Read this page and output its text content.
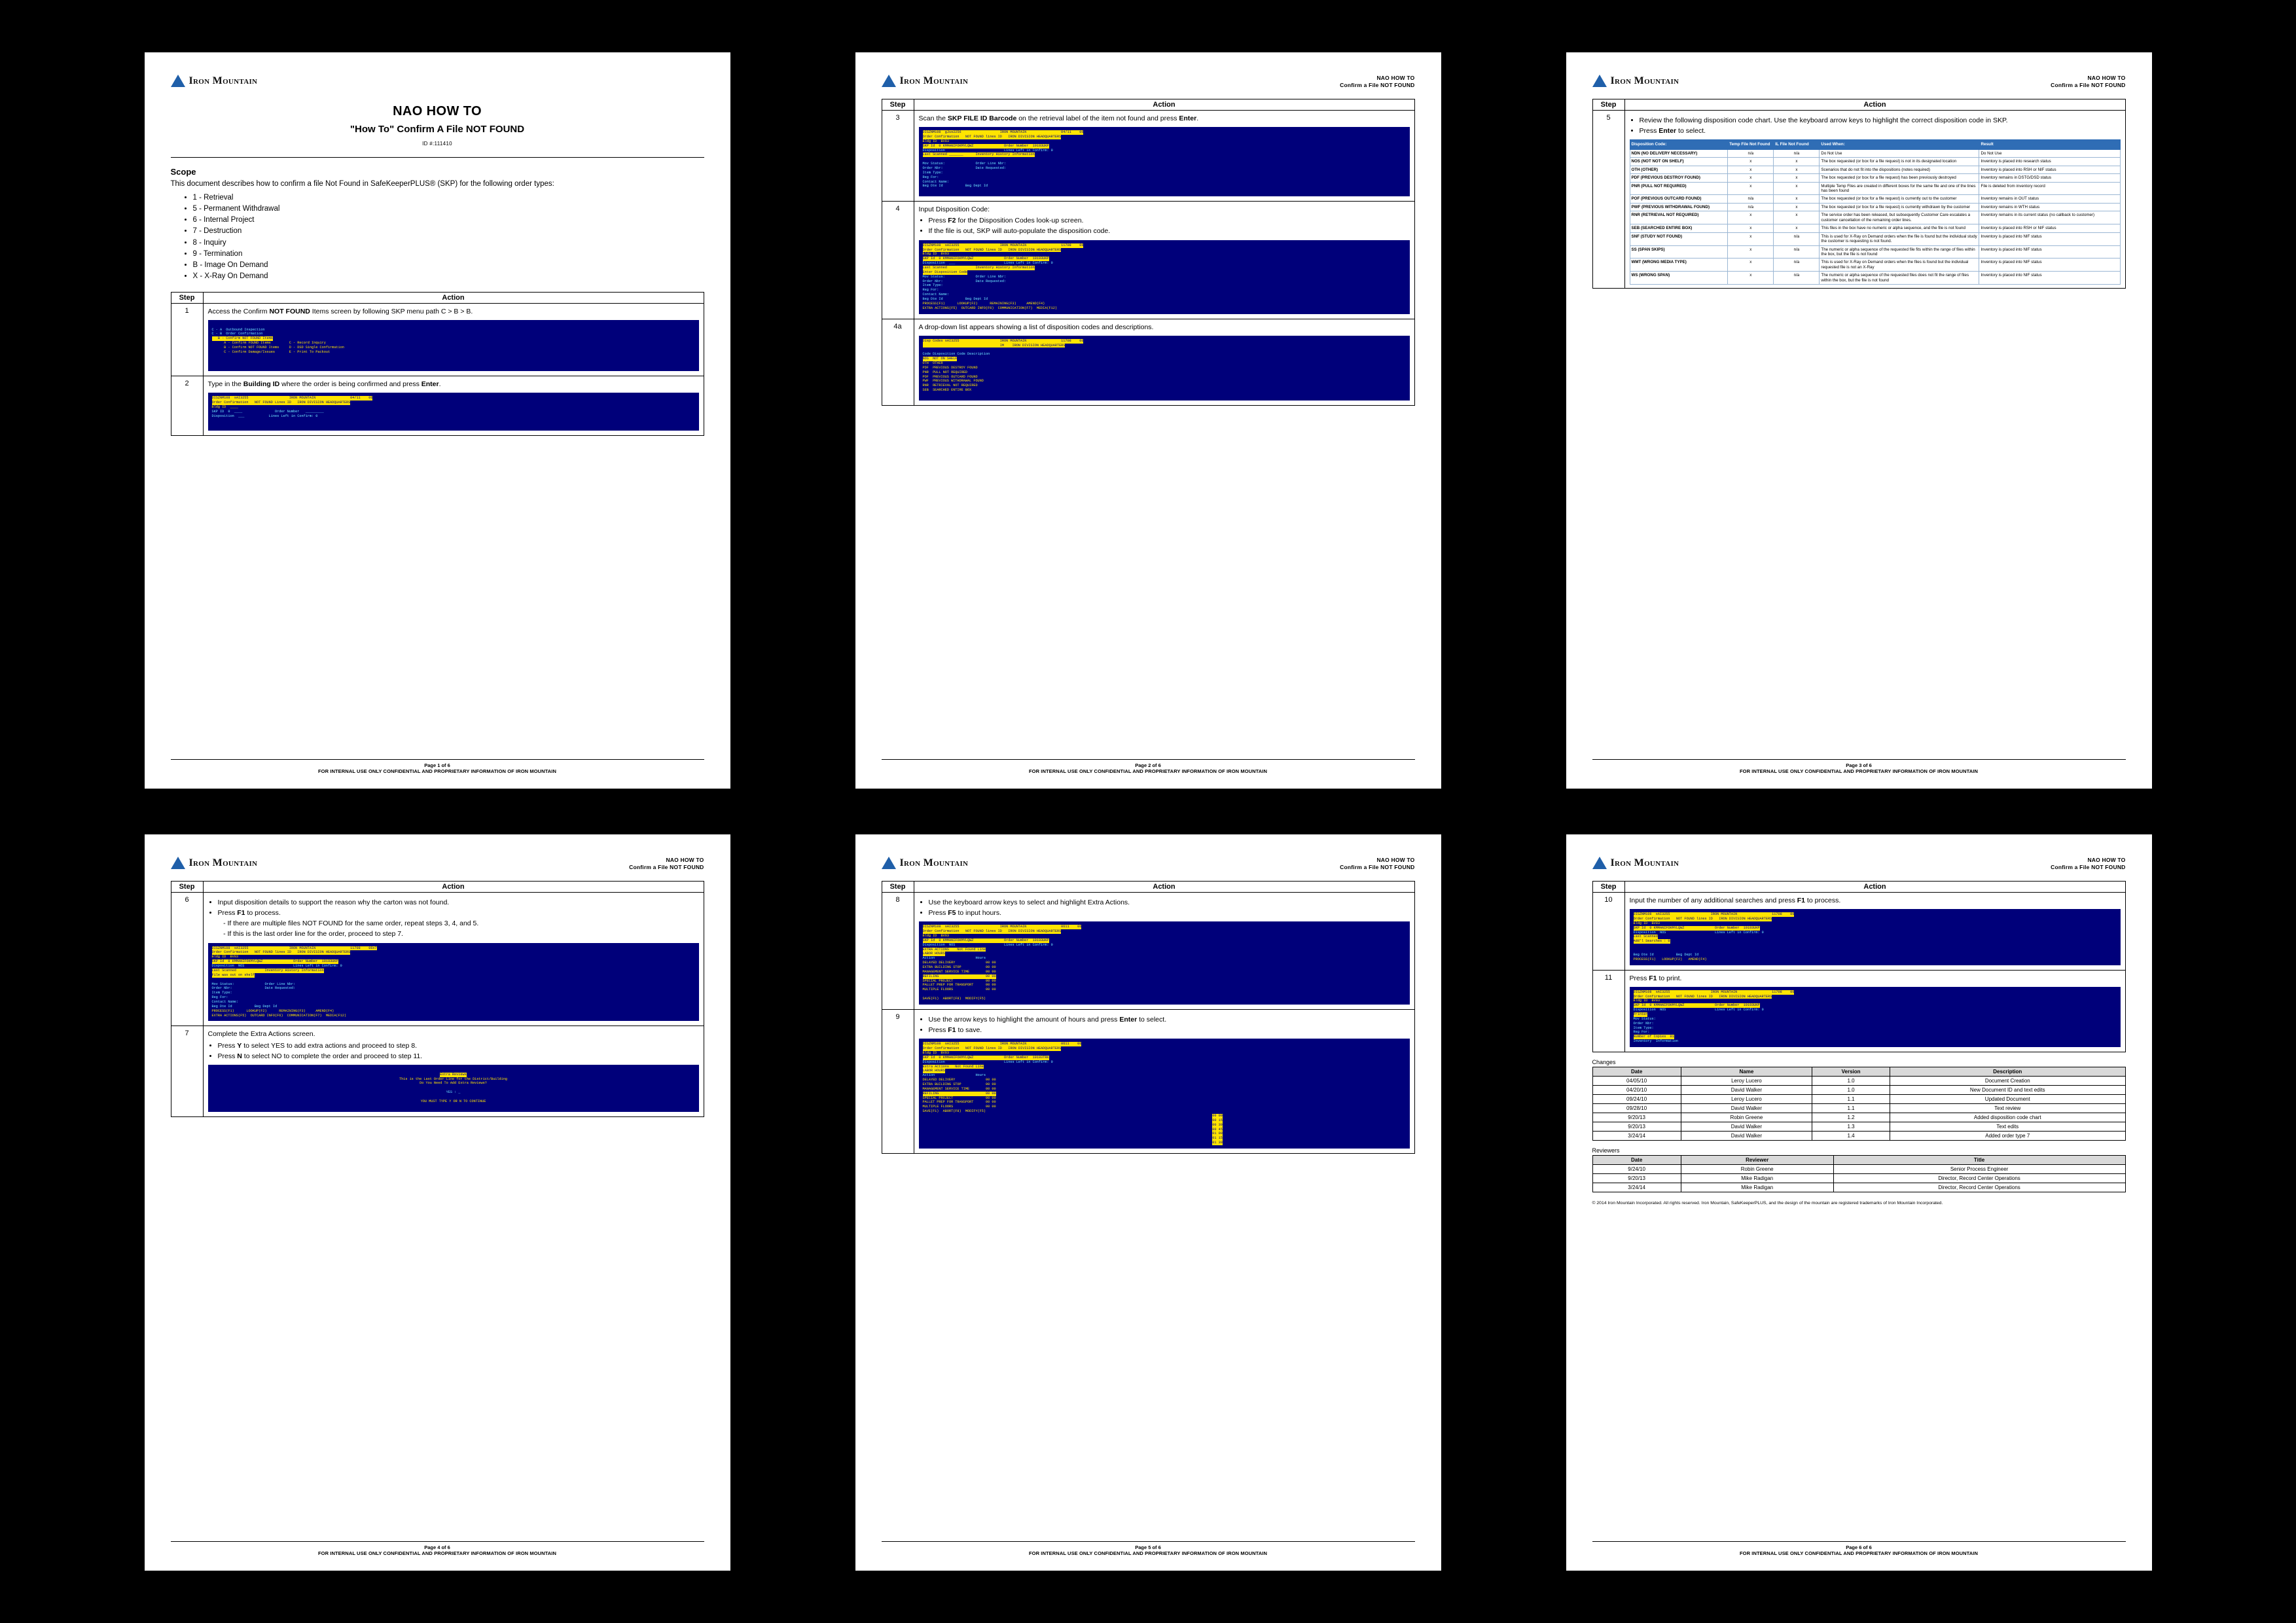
Iron Mountain
NAO HOW TO
"How To" Confirm A File NOT FOUND
ID #:111410
Scope
This document describes how to confirm a file Not Found in SafeKeeperPLUS® (SKP) for the following order types:
• 1 - Retrieval
• 5 - Permanent Withdrawal
• 6 - Internal Project
• 7 - Destruction
• 8 - Inquiry
• 9 - Termination
• B - Image On Demand
• X - X-Ray On Demand
Step	Action
1	Access the Confirm NOT FOUND Items screen by following SKP menu path C > B > B.

C - A  Outbound Inspection
C - B  Order Confirmation
B - Confirm NOT FOUND Items
A - Confirm FOUND Items         C - Record Inquiry
B - Confirm NOT FOUND Items     D - DSD Single Confirmation
C - Confirm Damage/Issues       E - Print To Packout

2	Type in the Building ID where the order is being confirmed and press Enter.
DISZNM108  sAI3255                    IRON MOUNTAIN                 04/11    06
Order Confirmation   NOT FOUND Lines ID   IRON DIVISION HEADQUARTERS
Bldg ID  ____
SKP ID  0  ____                Order Number   _________
Disposition  ___            Lines Left in Confirm: 0

Page 1 of 6
FOR INTERNAL USE ONLY CONFIDENTIAL AND PROPRIETARY INFORMATION OF IRON MOUNTAIN
Iron Mountain	NAO HOW TO
Confirm a File NOT FOUND
Step	Action
3	Scan the SKP FILE ID Barcode on the retrieval label of the item not found and press Enter.
DISZNM108  gJus2256                   IRON MOUNTAIN                 04/11    06
Order Confirmation   NOT FOUND lines ID   IRON DIVISION HEADQUARTERS
Bldg ID  BV03
SKP Id  0 KMMANIFOKMYLQWZ               Order Number  19193UKP
Disposition                             Lines Left in Confirm: 0
Last Scanned _______      Inventory History Information

Mov Status:               Order Line Nbr:
Order Nbr:                Date Requested:
Item Type:
Reg For:
Contact Name:
Beg Dte Id           Beg Dept Id

4	Input Disposition Code:
• Press F2 for the Disposition Codes look-up screen.
• If the file is out, SKP will auto-populate the disposition code.
DISZNM108  sAI3255                    IRON MOUNTAIN                 11708    06
Order Confirmation   NOT FOUND lines ID   IRON DIVISION HEADQUARTERS
Bldg ID  BV03
SKP Id  0 KMMANIFOKMYLQWZ               Order Number  19193UKP
Disposition  ___                        Lines Left in Confirm: 0
Last Scanned              Inventory History Information
Enter Disposition Code
Mov Status:               Order Line Nbr:
Order Nbr:                Date Requested:
Item Type:
Reg For:
Contact Name:
Beg Dte Id           Beg Dept Id
PROCESS(F1)      LOOKUP(F2)      REMAINING(F3)     AMEND(F4)
EXTRA ACTIONS(F5)  OUTCARD INFO(F6)  COMMUNICATION(F7)  MEDIA(F12)

4a	A drop-down list appears showing a list of disposition codes and descriptions.
Disp Codes sAI3255                    IRON MOUNTAIN                 11708    06
IM    IRON DIVISION HEADQUARTERS

Code Disposition Code Description
NOS  NOT ON SHELF
OTH  OTHER
PDF  PREVIOUS DESTROY FOUND
PNR  PULL NOT REQUIRED
POF  PREVIOUS OUTCARD FOUND
PWF  PREVIOUS WITHDRAWAL FOUND
RNR  RETRIEVAL NOT REQUIRED
SEB  SEARCHED ENTIRE BOX

Page 2 of 6
FOR INTERNAL USE ONLY CONFIDENTIAL AND PROPRIETARY INFORMATION OF IRON MOUNTAIN
Iron Mountain	NAO HOW TO
Confirm a File NOT FOUND
Step	Action
5	
•Review the following disposition code chart. Use the keyboard arrow keys to highlight the correct disposition code in SKP.
• Press Enter to select.
Disposition Code:	Temp File Not Found	IL File Not Found	Used When:	Result
NDN (NO DELIVERY NECESSARY)	n/a	n/a	Do Not Use	Do Not Use
NOS (NOT NOT ON SHELF)	x	x	The box requested (or box for a file request) is not in its designated location	Inventory is placed into research status
OTH (OTHER)	x	x	Scenarios that do not fit into the dispositions (notes required)	Inventory is placed into RSH or NIF status
PDF (PREVIOUS DESTROY FOUND)	x	x	The box requested (or box for a file request) has been previously destroyed	Inventory remains in DSTG/DSD status
PNR (PULL NOT REQUIRED)	x	x	Multiple Temp Files are created in different boxes for the same file and one of the lines has been found	File is deleted from inventory record
POF (PREVIOUS OUTCARD FOUND)	n/a	x	The box requested (or box for a file request) is currently out to the customer	Inventory remains in OUT status
PWF (PREVIOUS WITHDRAWAL FOUND)	n/a	x	The box requested (or box for a file request) is currently withdrawn by the customer	Inventory remains in WTH status
RNR (RETRIEVAL NOT REQUIRED)	x	x	The service order has been released, but subsequently Customer Care escalates a customer cancellation of the remaining order lines.	Inventory remains in its current status (no callback to customer)
SEB (SEARCHED ENTIRE BOX)	x	x	This files in the box have no numeric or alpha sequence, and the file is not found	Inventory is placed into RSH or NIF status
SNF (STUDY NOT FOUND)	x	n/a	This is used for X-Ray on Demand orders when the file is found but the individual study the customer is requesting is not found.	Inventory is placed into NIF status
SS (SPAN SKIPS)	x	n/a	The numeric or alpha sequence of the requested file fits within the range of files within the box, but the file is not found	Inventory is placed into NIF status
WMT (WRONG MEDIA TYPE)	x	n/a	This is used for X-Ray on Demand orders when the files is found but the individual requested file is not an X-Ray	Inventory is placed into NIF status
WS (WRONG SPAN)	x	n/a	The numeric or alpha sequence of the requested files does not fit the range of files within the box, but the file is not found	Inventory is placed into NIF status
Page 3 of 6
FOR INTERNAL USE ONLY CONFIDENTIAL AND PROPRIETARY INFORMATION OF IRON MOUNTAIN
Iron Mountain	NAO HOW TO
Confirm a File NOT FOUND
Step	Action
6	
•Input disposition details to support the reason why the carton was not found.
• Press F1 to process.
- If there are multiple files NOT FOUND for the same order, repeat steps 3, 4, and 5.
- If this is the last order line for the order, proceed to step 7.
DISZNM108  sAI3255                    IRON MOUNTAIN                 11708    06x7
Order Confirmation   NOT FOUND lines ID   IRON DIVISION HEADQUARTERS
Bldg ID  BV03
SKP Id  0 KMMANIFOKMYLQWZ               Order Number  19193UKP
Disposition  NOS                        Lines Left in Confirm: 0
Last Scanned              Inventory History Information
File was out on shelf

Mov Status:               Order Line Nbr:
Order Nbr:                Date Requested:
Item Type:
Reg For:
Contact Name:
Beg Dte Id           Beg Dept Id
PROCESS(F1)      LOOKUP(F2)      REMAINING(F3)     AMEND(F4)
EXTRA ACTIONS(F5)  OUTCARD INFO(F6)  COMMUNICATION(F7)  MEDIA(F12)

7	Complete the Extra Actions screen.
• Press Y to select YES to add extra actions and proceed to step 8.
• Press N to select NO to complete the order and proceed to step 11.

Extra Reviews
This is the Last Order Line for the District/Building
Do You Need To Add Extra Reviews?

YES : _

YOU MUST TYPE Y OR N TO CONTINUE

Page 4 of 6
FOR INTERNAL USE ONLY CONFIDENTIAL AND PROPRIETARY INFORMATION OF IRON MOUNTAIN
Iron Mountain	NAO HOW TO
Confirm a File NOT FOUND
Step	Action
8	
•Use the keyboard arrow keys to select and highlight Extra Actions.
• Press F5 to input hours.
DISZNM108  sAI3255                    IRON MOUNTAIN                 0611    06
Order Confirmation   NOT FOUND lines ID   IRON DIVISION HEADQUARTERS
Bldg ID  BV03
SKP Id  0 KMMANIFOKMYLQWZ               Order Number  19193UKP
Disposition  NOS                        Lines Left in Confirm: 0
EXTRA ACTIONS    Not Found Line
LABOR HOURS
Action                    Hours
DELAYED DELIVERY               00 00
EXTRA BUILDING STOP            00 00
MANAGEMENT SERVICE TIME        00 00
REFILING                       00 00
SPECIAL PROJECT                00 00
PALLET PREP FOR TRANSPORT      00 00
MULTIPLE FLOORS                00 00

SAVE(F1)  ABORT(F8)  MODIFY(F5)

9	
•Use the arrow keys to highlight the amount of hours and press Enter to select.
• Press F1 to save.
DISZNM108  sAI3255                    IRON MOUNTAIN                 0611    06
Order Confirmation   NOT FOUND lines ID   IRON DIVISION HEADQUARTERS
Bldg ID  BV03
SKP Id  0 KMMANIFOKMYLQWZ               Order Number  19193TRK
Disposition                             Lines Left in Confirm: 0
Extra Actions   Not Found Line
LABOR HOURS
Action                    Hours
DELAYED DELIVERY               00 00
EXTRA BUILDING STOP            00 00
MANAGEMENT SERVICE TIME        00 00
REFILING                       00 00
SPECIAL PROJECT                00 00
PALLET PREP FOR TRANSPORT      00 00
MULTIPLE FLOORS                00 00
SAVE(F1)  ABORT(F8)  MODIFY(F5)
00 00
00 15
00 30
00 45
01 00
01 15
01 30
Page 5 of 6
FOR INTERNAL USE ONLY CONFIDENTIAL AND PROPRIETARY INFORMATION OF IRON MOUNTAIN
Iron Mountain	NAO HOW TO
Confirm a File NOT FOUND
Step	Action
10	Input the number of any additional searches and press F1 to process.
DISZNM108  sAI3255                    IRON MOUNTAIN                 11708    06
Order Confirmation   NOT FOUND lines ID   IRON DIVISION HEADQUARTERS
Bldg ID  BV03
SKP Id  0 KMMANIFOKMYLQWZ               Order Number  19193UKP
Disposition  NOS                        Lines Left in Confirm: 0
Last Scanned
Add'l Searches : 0

Beg Dte Id           Beg Dept Id
PROCESS(F1)   LOOKUP(F2)   AMEND(F4)

11	Press F1 to print.
DISZNM108  sAI3255                    IRON MOUNTAIN                 11708    06
Order Confirmation   NOT FOUND lines ID   IRON DIVISION HEADQUARTERS
Bldg ID  BV03
SKP Id  0 KMMANIFOKMYLQWZ               Order Number  19193UKP
Disposition  NOS                        Lines Left in Confirm: 0
Printer
Mov Status:
Order Nbr:
Item Type:
Reg For:
Number of Copies  01
Inventory  Information
Changes
Date	Name	Version	Description
04/05/10	Leroy Lucero	1.0	Document Creation
04/20/10	David Walker	1.0	New Document ID and text edits
09/24/10	Leroy Lucero	1.1	Updated Document
09/28/10	David Walker	1.1	Text review
9/20/13	Robin Greene	1.2	Added disposition code chart
9/20/13	David Walker	1.3	Text edits
3/24/14	David Walker	1.4	Added order type 7
Reviewers
Date	Reviewer	Title
9/24/10	Robin Greene	Senior Process Engineer
9/20/13	Mike Radigan	Director, Record Center Operations
3/24/14	Mike Radigan	Director, Record Center Operations
© 2014 Iron Mountain Incorporated. All rights reserved. Iron Mountain, SafeKeeperPLUS, and the design of the mountain are registered trademarks of Iron Mountain Incorporated.
Page 6 of 6
FOR INTERNAL USE ONLY CONFIDENTIAL AND PROPRIETARY INFORMATION OF IRON MOUNTAIN
